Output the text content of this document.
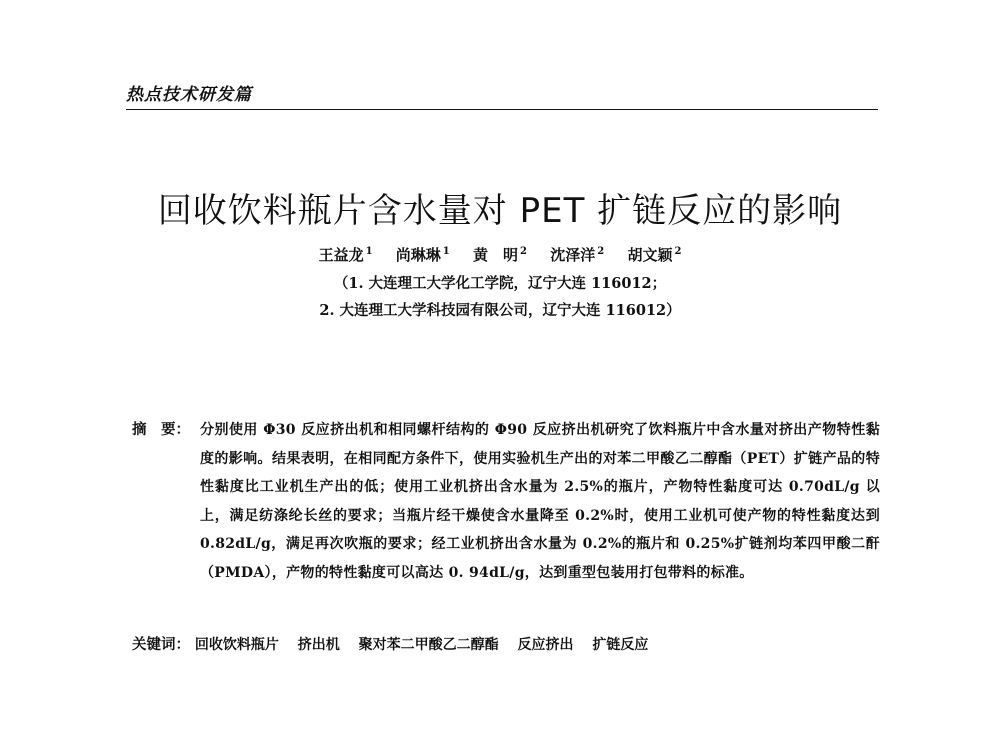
热点技术研发篇
回收饮料瓶片含水量对 PET 扩链反应的影响
王益龙 $^1$ 尚琳琳 $^1$ 黄　明 $^2$ 沈泽洋 $^2$ 胡文颖 $^2$
（1. 大连理工大学化工学院，辽宁大连 116012；
2. 大连理工大学科技园有限公司，辽宁大连 116012）
摘　要： 分别使用 Φ30 反应挤出机和相同螺杆结构的 Φ90 反应挤出机研究了饮料瓶片中含水量对挤出产物特性黏度的影响。结果表明，在相同配方条件下，使用实验机生产出的对苯二甲酸乙二醇酯（PET）扩链产品的特性黏度比工业机生产出的低；使用工业机挤出含水量为 2.5%的瓶片，产物特性黏度可达 0.70dL/g 以上，满足纺涤纶长丝的要求；当瓶片经干燥使含水量降至 0.2%时，使用工业机可使产物的特性黏度达到 0.82dL/g，满足再次吹瓶的要求；经工业机挤出含水量为 0.2%的瓶片和 0.25%扩链剂均苯四甲酸二酐（PMDA），产物的特性黏度可以高达 0. 94dL/g，达到重型包装用打包带料的标准。
关键词： 回收饮料瓶片 挤出机 聚对苯二甲酸乙二醇酯 反应挤出 扩链反应
